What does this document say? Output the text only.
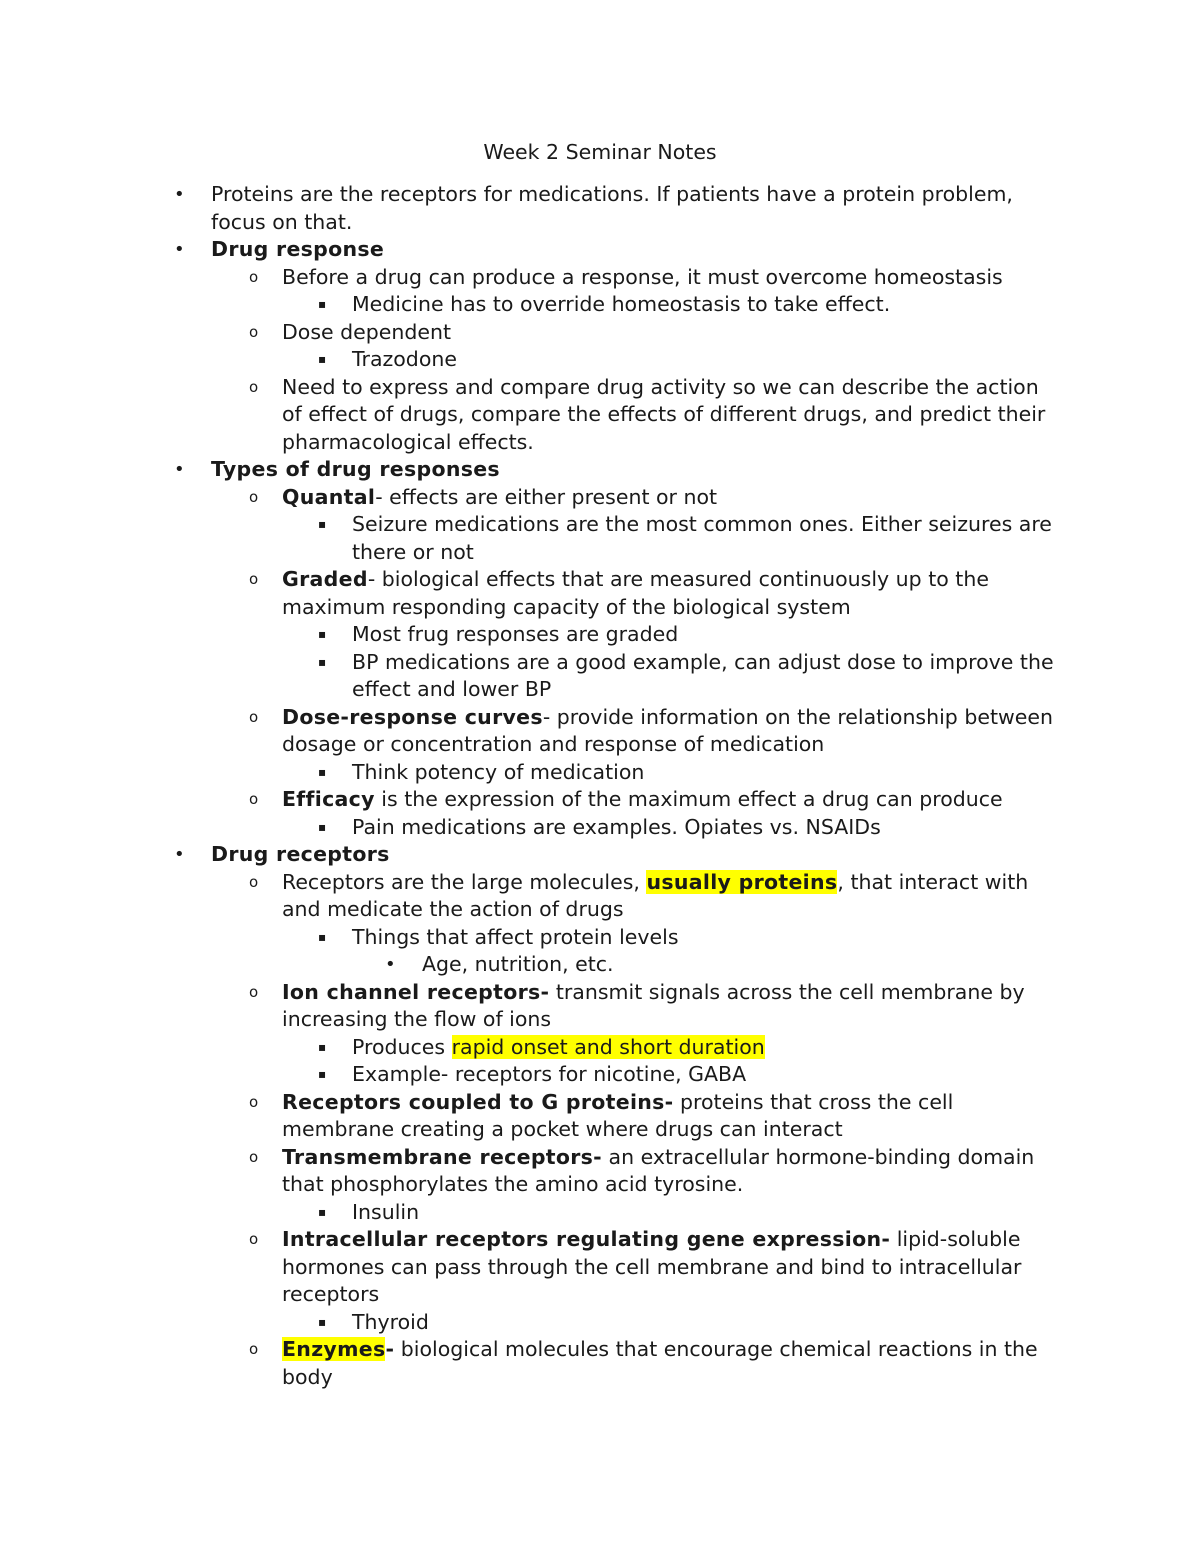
Week 2 Seminar Notes
• Proteins are the receptors for medications. If patients have a protein problem, focus on that.
• Drug response
o Before a drug can produce a response, it must overcome homeostasis
▪ Medicine has to override homeostasis to take effect.
o Dose dependent
▪ Trazodone
o Need to express and compare drug activity so we can describe the action of effect of drugs, compare the effects of different drugs, and predict their pharmacological effects.
• Types of drug responses
o Quantal- effects are either present or not
▪ Seizure medications are the most common ones. Either seizures are there or not
o Graded- biological effects that are measured continuously up to the maximum responding capacity of the biological system
▪ Most frug responses are graded
▪ BP medications are a good example, can adjust dose to improve the effect and lower BP
o Dose-response curves- provide information on the relationship between dosage or concentration and response of medication
▪ Think potency of medication
o Efficacy is the expression of the maximum effect a drug can produce
▪ Pain medications are examples. Opiates vs. NSAIDs
• Drug receptors
o Receptors are the large molecules, usually proteins, that interact with and medicate the action of drugs
▪ Things that affect protein levels
• Age, nutrition, etc.
o Ion channel receptors- transmit signals across the cell membrane by increasing the flow of ions
▪ Produces rapid onset and short duration
▪ Example- receptors for nicotine, GABA
o Receptors coupled to G proteins- proteins that cross the cell membrane creating a pocket where drugs can interact
o Transmembrane receptors- an extracellular hormone-binding domain that phosphorylates the amino acid tyrosine.
▪ Insulin
o Intracellular receptors regulating gene expression- lipid-soluble hormones can pass through the cell membrane and bind to intracellular receptors
▪ Thyroid
o Enzymes- biological molecules that encourage chemical reactions in the body
